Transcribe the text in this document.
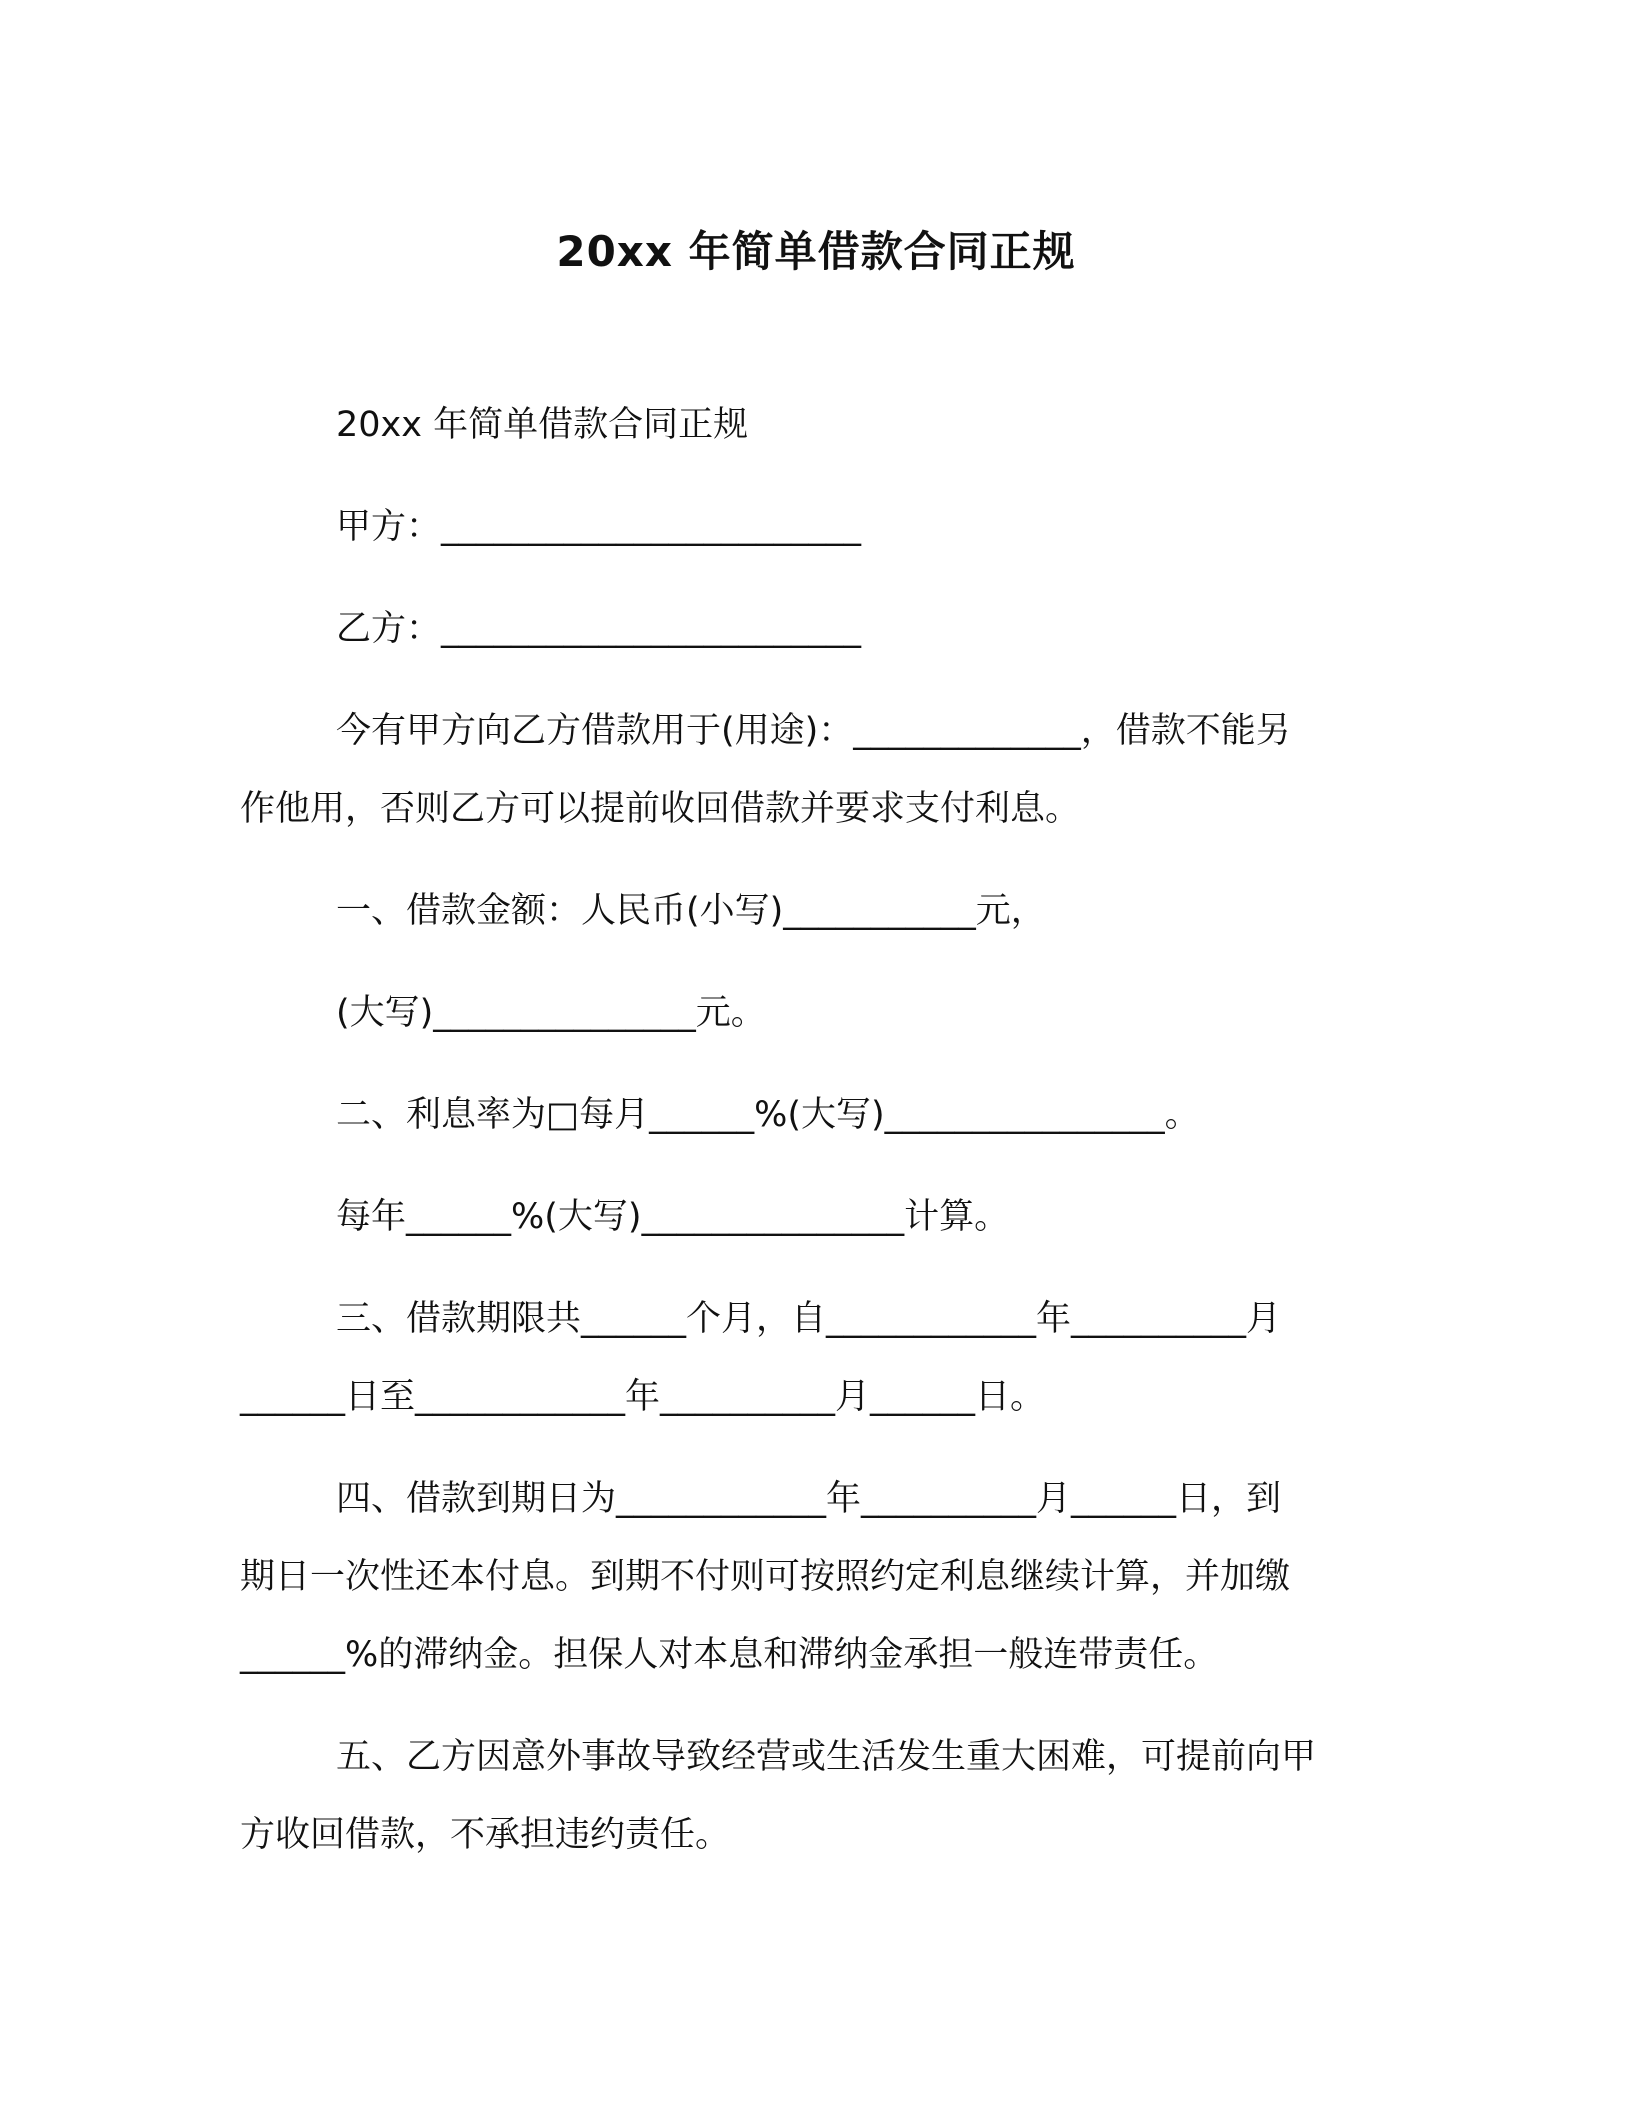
20xx 年简单借款合同正规
20xx 年简单借款合同正规
甲方：________________________
乙方：________________________
今有甲方向乙方借款用于(用途)：_____________，借款不能另
作他用，否则乙方可以提前收回借款并要求支付利息。
一、借款金额：人民币(小写)___________元，
(大写)_______________元。
二、利息率为□每月______%(大写)________________。
每年______%(大写)_______________计算。
三、借款期限共______个月，自____________年__________月
______日至____________年__________月______日。
四、借款到期日为____________年__________月______日，到
期日一次性还本付息。到期不付则可按照约定利息继续计算，并加缴
______%的滞纳金。担保人对本息和滞纳金承担一般连带责任。
五、乙方因意外事故导致经营或生活发生重大困难，可提前向甲
方收回借款，不承担违约责任。
